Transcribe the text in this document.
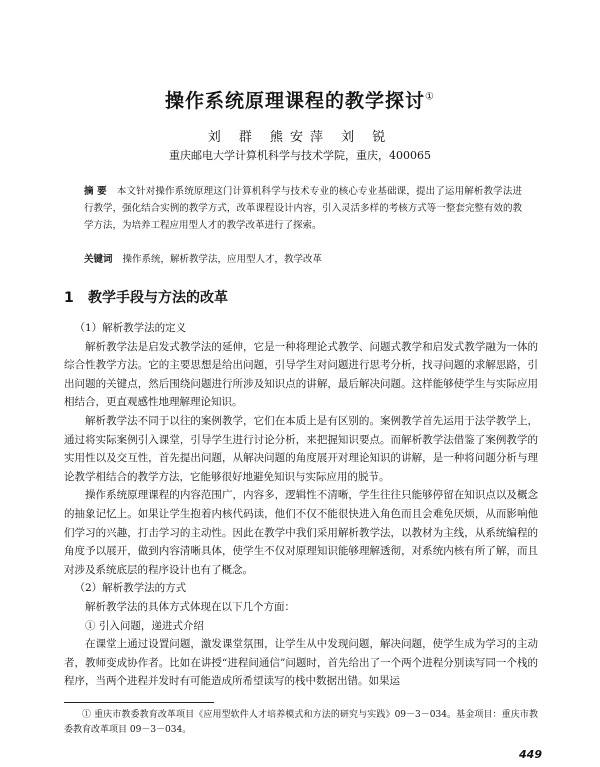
操作系统原理课程的教学探讨①
刘 群 熊安萍 刘 锐
重庆邮电大学计算机科学与技术学院，重庆，400065
摘 要 本文针对操作系统原理这门计算机科学与技术专业的核心专业基础课，提出了运用解析教学法进行教学，强化结合实例的教学方式，改革课程设计内容，引入灵活多样的考核方式等一整套完整有效的教学方法，为培养工程应用型人才的教学改革进行了探索。
关键词 操作系统，解析教学法，应用型人才，教学改革
1 教学手段与方法的改革

（1）解析教学法的定义

解析教学法是启发式教学法的延伸，它是一种将理论式教学、问题式教学和启发式教学融为一体的综合性教学方法。它的主要思想是给出问题，引导学生对问题进行思考分析，找寻问题的求解思路，引出问题的关键点，然后围绕问题进行所涉及知识点的讲解，最后解决问题。这样能够使学生与实际应用相结合，更直观感性地理解理论知识。

解析教学法不同于以往的案例教学，它们在本质上是有区别的。案例教学首先运用于法学教学上，通过将实际案例引入课堂，引导学生进行讨论分析，来把握知识要点。而解析教学法借鉴了案例教学的实用性以及交互性，首先提出问题，从解决问题的角度展开对理论知识的讲解，是一种将问题分析与理论教学相结合的教学方法，它能够很好地避免知识与实际应用的脱节。

操作系统原理课程的内容范围广，内容多，逻辑性不清晰，学生往往只能够停留在知识点以及概念的抽象记忆上。如果让学生抱着内核代码读，他们不仅不能很快进入角色而且会难免厌烦，从而影响他们学习的兴趣，打击学习的主动性。因此在教学中我们采用解析教学法，以教材为主线，从系统编程的角度予以展开，做到内容清晰具体，使学生不仅对原理知识能够理解透彻，对系统内核有所了解，而且对涉及系统底层的程序设计也有了概念。

（2）解析教学法的方式

解析教学法的具体方式体现在以下几个方面：

① 引入问题，递进式介绍

在课堂上通过设置问题，激发课堂氛围，让学生从中发现问题，解决问题，使学生成为学习的主动者，教师变成协作者。比如在讲授“进程间通信”问题时，首先给出了一个两个进程分别读写同一个栈的程序，当两个进程并发时有可能造成所希望读写的栈中数据出错。如果运

① 重庆市教委教育改革项目《应用型软件人才培养模式和方法的研究与实践》09－3－034。基金项目：重庆市教委教育改革项目 09－3－034。
449
